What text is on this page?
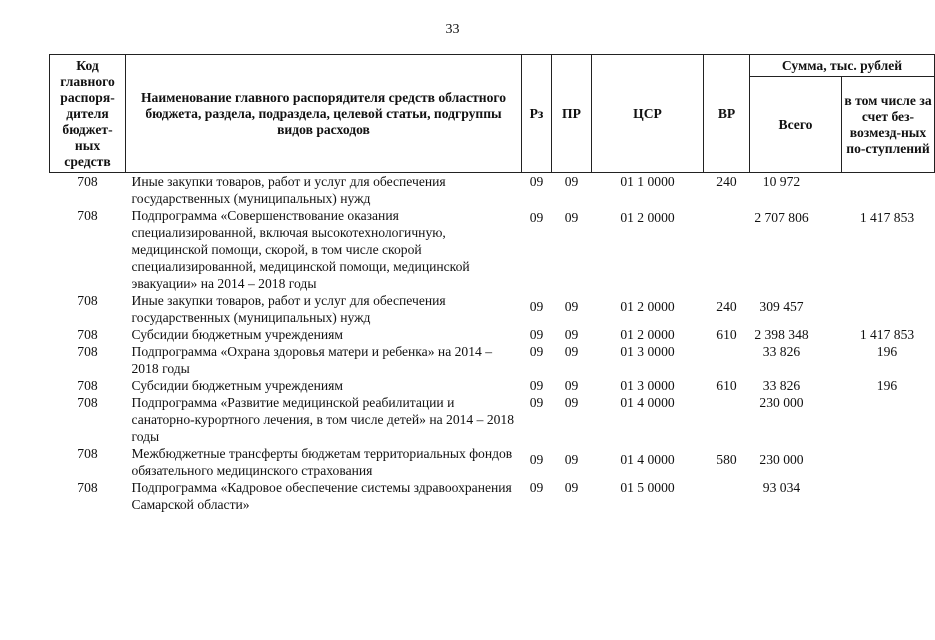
33
Код главного распоря-дителя бюджет-ных средств	Наименование главного распорядителя средств областного бюджета, раздела, подраздела, целевой статьи, подгруппы видов расходов	Рз	ПР	ЦСР	ВР	Сумма, тыс. рублей	
						Всего	в том числе за счет без-возмезд-ных по-ступлений
708	Иные закупки товаров, работ и услуг для обеспечения государственных (муниципальных) нужд	09	09	01 1 0000	240	10 972	
708	Подпрограмма «Совершенствование оказания специализированной, включая высокотехнологичную, медицинской помощи, скорой, в том числе скорой специализированной, медицинской помощи, медицинской эвакуации» на 2014 – 2018 годы	09	09	01 2 0000		2 707 806	1 417 853
708	Иные закупки товаров, работ и услуг для обеспечения государственных (муниципальных) нужд	09	09	01 2 0000	240	309 457	
708	Субсидии бюджетным учреждениям	09	09	01 2 0000	610	2 398 348	1 417 853
708	Подпрограмма «Охрана здоровья матери и ребенка» на 2014 – 2018 годы	09	09	01 3 0000		33 826	196
708	Субсидии бюджетным учреждениям	09	09	01 3 0000	610	33 826	196
708	Подпрограмма «Развитие медицинской реабилитации и санаторно-курортного лечения, в том числе детей» на 2014 – 2018 годы	09	09	01 4 0000		230 000	
708	Межбюджетные трансферты бюджетам территориальных фондов обязательного медицинского страхования	09	09	01 4 0000	580	230 000	
708	Подпрограмма «Кадровое обеспечение системы здравоохранения Самарской области»	09	09	01 5 0000		93 034	
